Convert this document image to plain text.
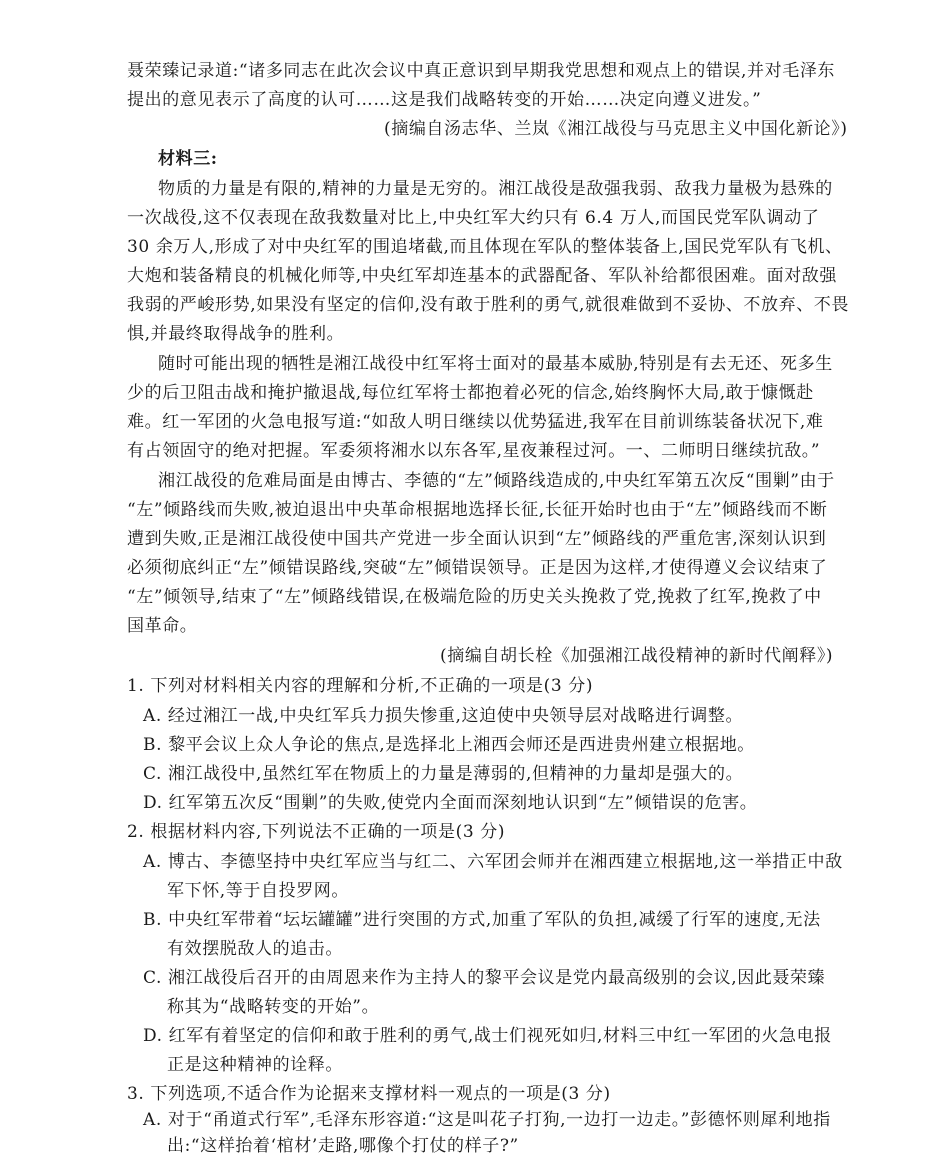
聂荣臻记录道:“诸多同志在此次会议中真正意识到早期我党思想和观点上的错误,并对毛泽东
提出的意见表示了高度的认可……这是我们战略转变的开始……决定向遵义进发。”
(摘编自汤志华、兰岚《湘江战役与马克思主义中国化新论》)
材料三:
物质的力量是有限的,精神的力量是无穷的。湘江战役是敌强我弱、敌我力量极为悬殊的
一次战役,这不仅表现在敌我数量对比上,中央红军大约只有 6.4 万人,而国民党军队调动了
30 余万人,形成了对中央红军的围追堵截,而且体现在军队的整体装备上,国民党军队有飞机、
大炮和装备精良的机械化师等,中央红军却连基本的武器配备、军队补给都很困难。面对敌强
我弱的严峻形势,如果没有坚定的信仰,没有敢于胜利的勇气,就很难做到不妥协、不放弃、不畏
惧,并最终取得战争的胜利。
随时可能出现的牺牲是湘江战役中红军将士面对的最基本威胁,特别是有去无还、死多生
少的后卫阻击战和掩护撤退战,每位红军将士都抱着必死的信念,始终胸怀大局,敢于慷慨赴
难。红一军团的火急电报写道:“如敌人明日继续以优势猛进,我军在目前训练装备状况下,难
有占领固守的绝对把握。军委须将湘水以东各军,星夜兼程过河。一、二师明日继续抗敌。”
湘江战役的危难局面是由博古、李德的“左”倾路线造成的,中央红军第五次反“围剿”由于
“左”倾路线而失败,被迫退出中央革命根据地选择长征,长征开始时也由于“左”倾路线而不断
遭到失败,正是湘江战役使中国共产党进一步全面认识到“左”倾路线的严重危害,深刻认识到
必须彻底纠正“左”倾错误路线,突破“左”倾错误领导。正是因为这样,才使得遵义会议结束了
“左”倾领导,结束了“左”倾路线错误,在极端危险的历史关头挽救了党,挽救了红军,挽救了中
国革命。
(摘编自胡长栓《加强湘江战役精神的新时代阐释》)
1. 下列对材料相关内容的理解和分析,不正确的一项是(3 分)
A. 经过湘江一战,中央红军兵力损失惨重,这迫使中央领导层对战略进行调整。
B. 黎平会议上众人争论的焦点,是选择北上湘西会师还是西进贵州建立根据地。
C. 湘江战役中,虽然红军在物质上的力量是薄弱的,但精神的力量却是强大的。
D. 红军第五次反“围剿”的失败,使党内全面而深刻地认识到“左”倾错误的危害。
2. 根据材料内容,下列说法不正确的一项是(3 分)
A. 博古、李德坚持中央红军应当与红二、六军团会师并在湘西建立根据地,这一举措正中敌
军下怀,等于自投罗网。
B. 中央红军带着“坛坛罐罐”进行突围的方式,加重了军队的负担,减缓了行军的速度,无法
有效摆脱敌人的追击。
C. 湘江战役后召开的由周恩来作为主持人的黎平会议是党内最高级别的会议,因此聂荣臻
称其为“战略转变的开始”。
D. 红军有着坚定的信仰和敢于胜利的勇气,战士们视死如归,材料三中红一军团的火急电报
正是这种精神的诠释。
3. 下列选项,不适合作为论据来支撑材料一观点的一项是(3 分)
A. 对于“甬道式行军”,毛泽东形容道:“这是叫花子打狗,一边打一边走。”彭德怀则犀利地指
出:“这样抬着‘棺材’走路,哪像个打仗的样子?”
